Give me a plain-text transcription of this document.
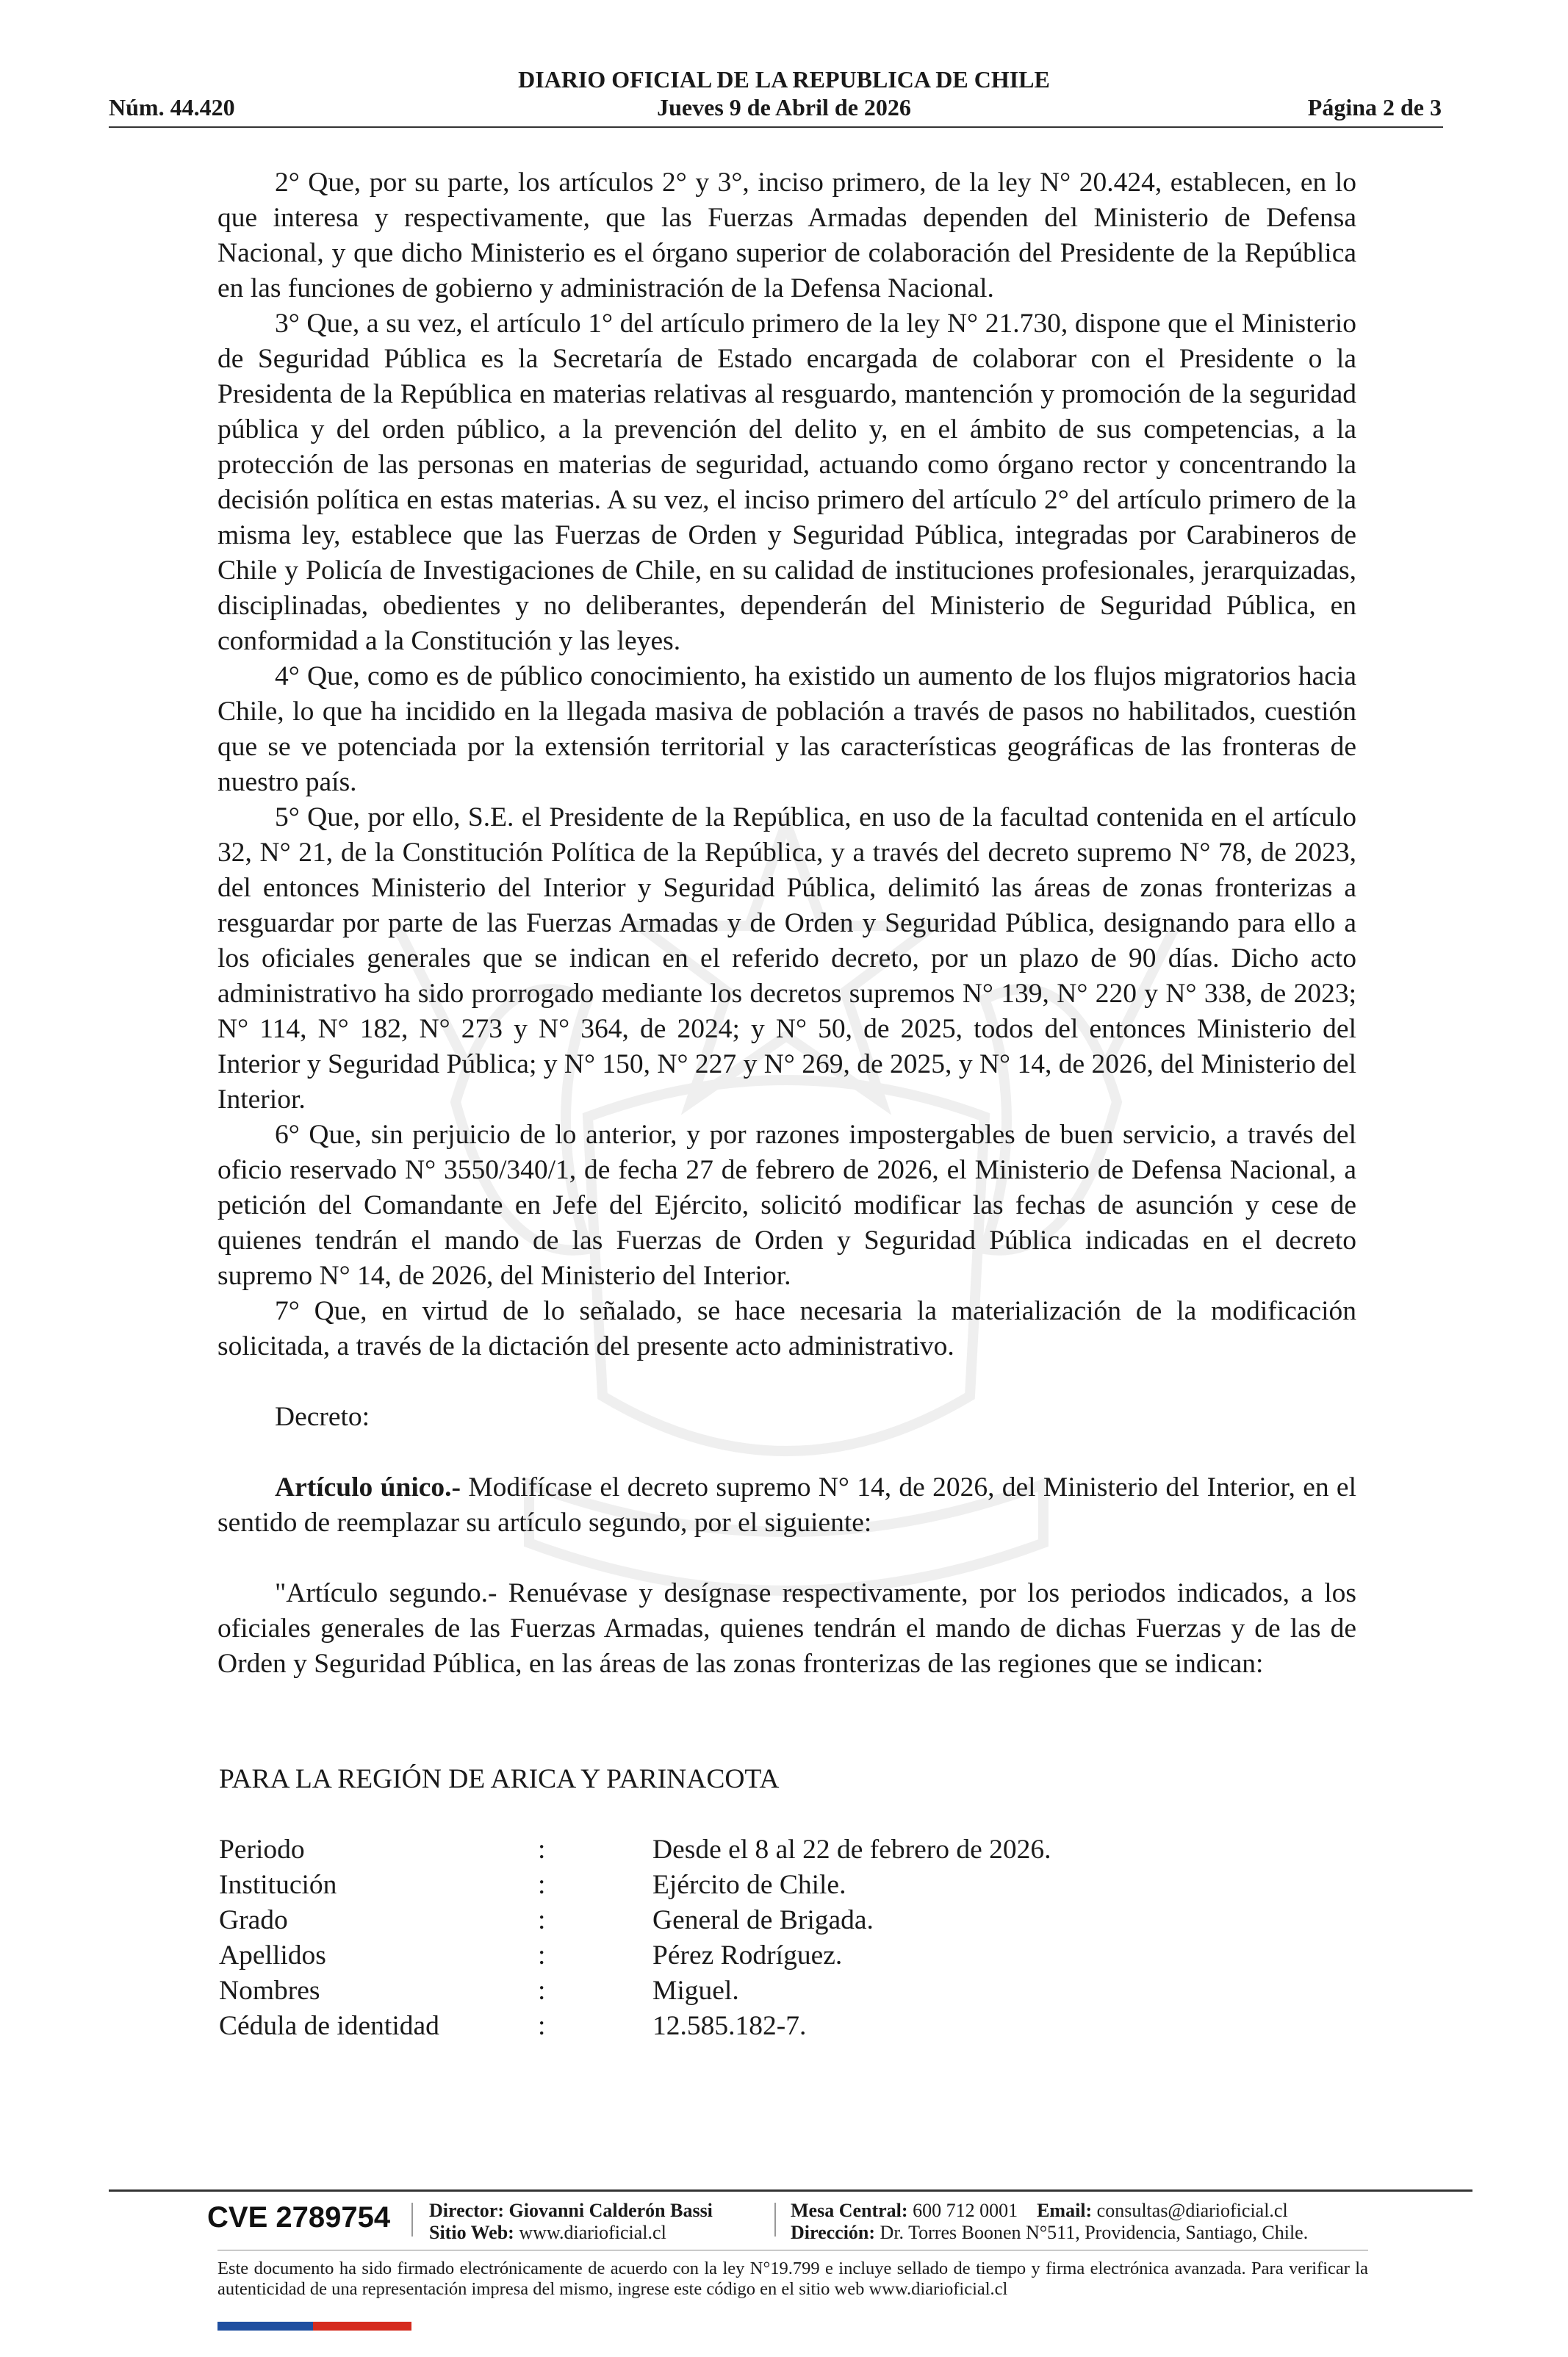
DIARIO OFICIAL DE LA REPUBLICA DE CHILE
Jueves 9 de Abril de 2026
Núm. 44.420	Página 2 de 3

2° Que, por su parte, los artículos 2° y 3°, inciso primero, de la ley N° 20.424, establecen, en lo que interesa y respectivamente, que las Fuerzas Armadas dependen del Ministerio de Defensa Nacional, y que dicho Ministerio es el órgano superior de colaboración del Presidente de la República en las funciones de gobierno y administración de la Defensa Nacional.

3° Que, a su vez, el artículo 1° del artículo primero de la ley N° 21.730, dispone que el Ministerio de Seguridad Pública es la Secretaría de Estado encargada de colaborar con el Presidente o la Presidenta de la República en materias relativas al resguardo, mantención y promoción de la seguridad pública y del orden público, a la prevención del delito y, en el ámbito de sus competencias, a la protección de las personas en materias de seguridad, actuando como órgano rector y concentrando la decisión política en estas materias. A su vez, el inciso primero del artículo 2° del artículo primero de la misma ley, establece que las Fuerzas de Orden y Seguridad Pública, integradas por Carabineros de Chile y Policía de Investigaciones de Chile, en su calidad de instituciones profesionales, jerarquizadas, disciplinadas, obedientes y no deliberantes, dependerán del Ministerio de Seguridad Pública, en conformidad a la Constitución y las leyes.

4° Que, como es de público conocimiento, ha existido un aumento de los flujos migratorios hacia Chile, lo que ha incidido en la llegada masiva de población a través de pasos no habilitados, cuestión que se ve potenciada por la extensión territorial y las características geográficas de las fronteras de nuestro país.

5° Que, por ello, S.E. el Presidente de la República, en uso de la facultad contenida en el artículo 32, N° 21, de la Constitución Política de la República, y a través del decreto supremo N° 78, de 2023, del entonces Ministerio del Interior y Seguridad Pública, delimitó las áreas de zonas fronterizas a resguardar por parte de las Fuerzas Armadas y de Orden y Seguridad Pública, designando para ello a los oficiales generales que se indican en el referido decreto, por un plazo de 90 días. Dicho acto administrativo ha sido prorrogado mediante los decretos supremos N° 139, N° 220 y N° 338, de 2023; N° 114, N° 182, N° 273 y N° 364, de 2024; y N° 50, de 2025, todos del entonces Ministerio del Interior y Seguridad Pública; y N° 150, N° 227 y N° 269, de 2025, y N° 14, de 2026, del Ministerio del Interior.

6° Que, sin perjuicio de lo anterior, y por razones impostergables de buen servicio, a través del oficio reservado N° 3550/340/1, de fecha 27 de febrero de 2026, el Ministerio de Defensa Nacional, a petición del Comandante en Jefe del Ejército, solicitó modificar las fechas de asunción y cese de quienes tendrán el mando de las Fuerzas de Orden y Seguridad Pública indicadas en el decreto supremo N° 14, de 2026, del Ministerio del Interior.

7° Que, en virtud de lo señalado, se hace necesaria la materialización de la modificación solicitada, a través de la dictación del presente acto administrativo.

Decreto:

Artículo único.- Modifícase el decreto supremo N° 14, de 2026, del Ministerio del Interior, en el sentido de reemplazar su artículo segundo, por el siguiente:

"Artículo segundo.- Renuévase y desígnase respectivamente, por los periodos indicados, a los oficiales generales de las Fuerzas Armadas, quienes tendrán el mando de dichas Fuerzas y de las de Orden y Seguridad Pública, en las áreas de las zonas fronterizas de las regiones que se indican:

PARA LA REGIÓN DE ARICA Y PARINACOTA
Periodo	:	Desde el 8 al 22 de febrero de 2026.
Institución	:	Ejército de Chile.
Grado	:	General de Brigada.
Apellidos	:	Pérez Rodríguez.
Nombres	:	Miguel.
Cédula de identidad	:	12.585.182-7.
CVE 2789754 Director: Giovanni Calderón Bassi
Sitio Web: www.diarioficial.cl
Mesa Central: 600 712 0001 Email: consultas@diarioficial.cl
Dirección: Dr. Torres Boonen N°511, Providencia, Santiago, Chile.
Este documento ha sido firmado electrónicamente de acuerdo con la ley N°19.799 e incluye sellado de tiempo y firma electrónica avanzada. Para verificar la autenticidad de una representación impresa del mismo, ingrese este código en el sitio web www.diarioficial.cl
